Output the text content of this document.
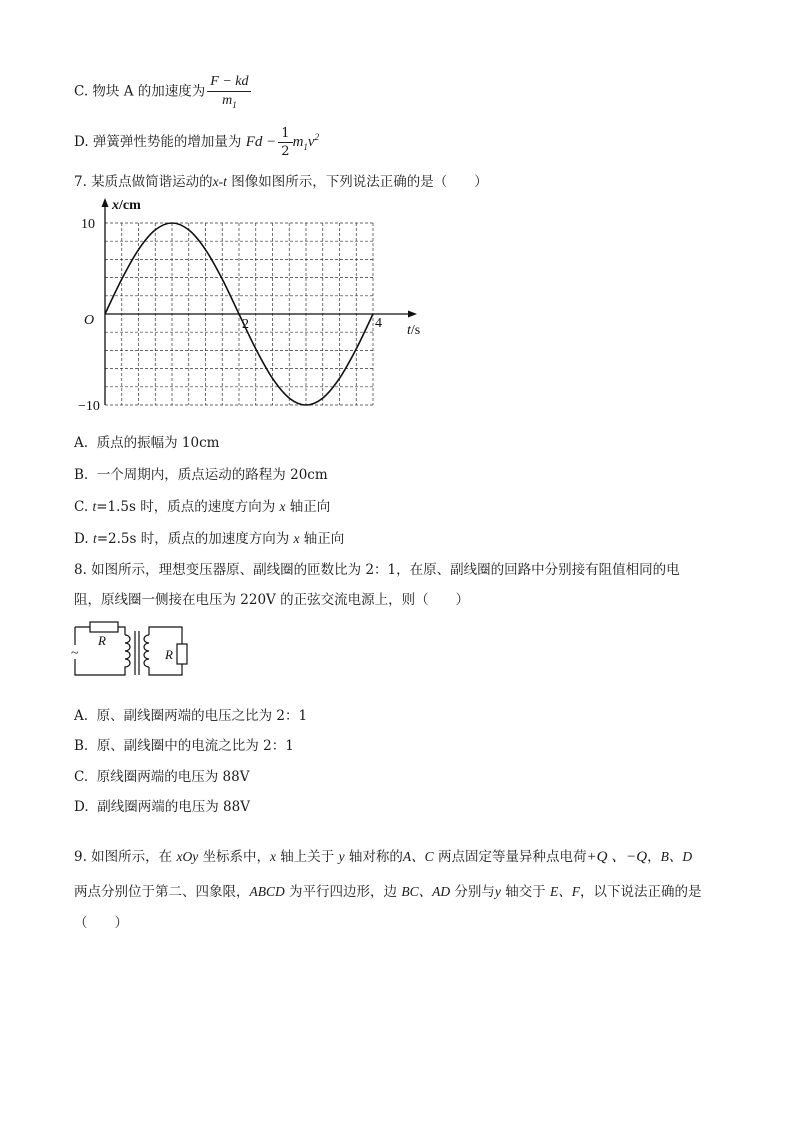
C. 物块 A 的加速度为 $\frac{F - kd}{m_1}$
D. 弹簧弹性势能的增加量为 $Fd - \frac{1}{2} m_1v^2$
7. 某质点做简谐运动的x-t 图像如图所示，下列说法正确的是（　　）
x/cm
t/s
10
−10
O	2	4
A. 质点的振幅为 10cm
B. 一个周期内，质点运动的路程为 20cm
C. t=1.5s 时，质点的速度方向为 x 轴正向
D. t=2.5s 时，质点的加速度方向为 x 轴正向
8. 如图所示，理想变压器原、副线圈的匝数比为 2：1，在原、副线圈的回路中分别接有阻值相同的电
阻，原线圈一侧接在电压为 220V 的正弦交流电源上，则（　　）
R
~	R
A. 原、副线圈两端的电压之比为 2：1
B. 原、副线圈中的电流之比为 2：1
C. 原线圈两端的电压为 88V
D. 副线圈两端的电压为 88V
9. 如图所示，在 xOy 坐标系中，x 轴上关于 y 轴对称的A、C 两点固定等量异种点电荷+Q 、−Q，B、D
两点分别位于第二、四象限，ABCD 为平行四边形，边 BC、AD 分别与y 轴交于 E、F，以下说法正确的是
（　　）
